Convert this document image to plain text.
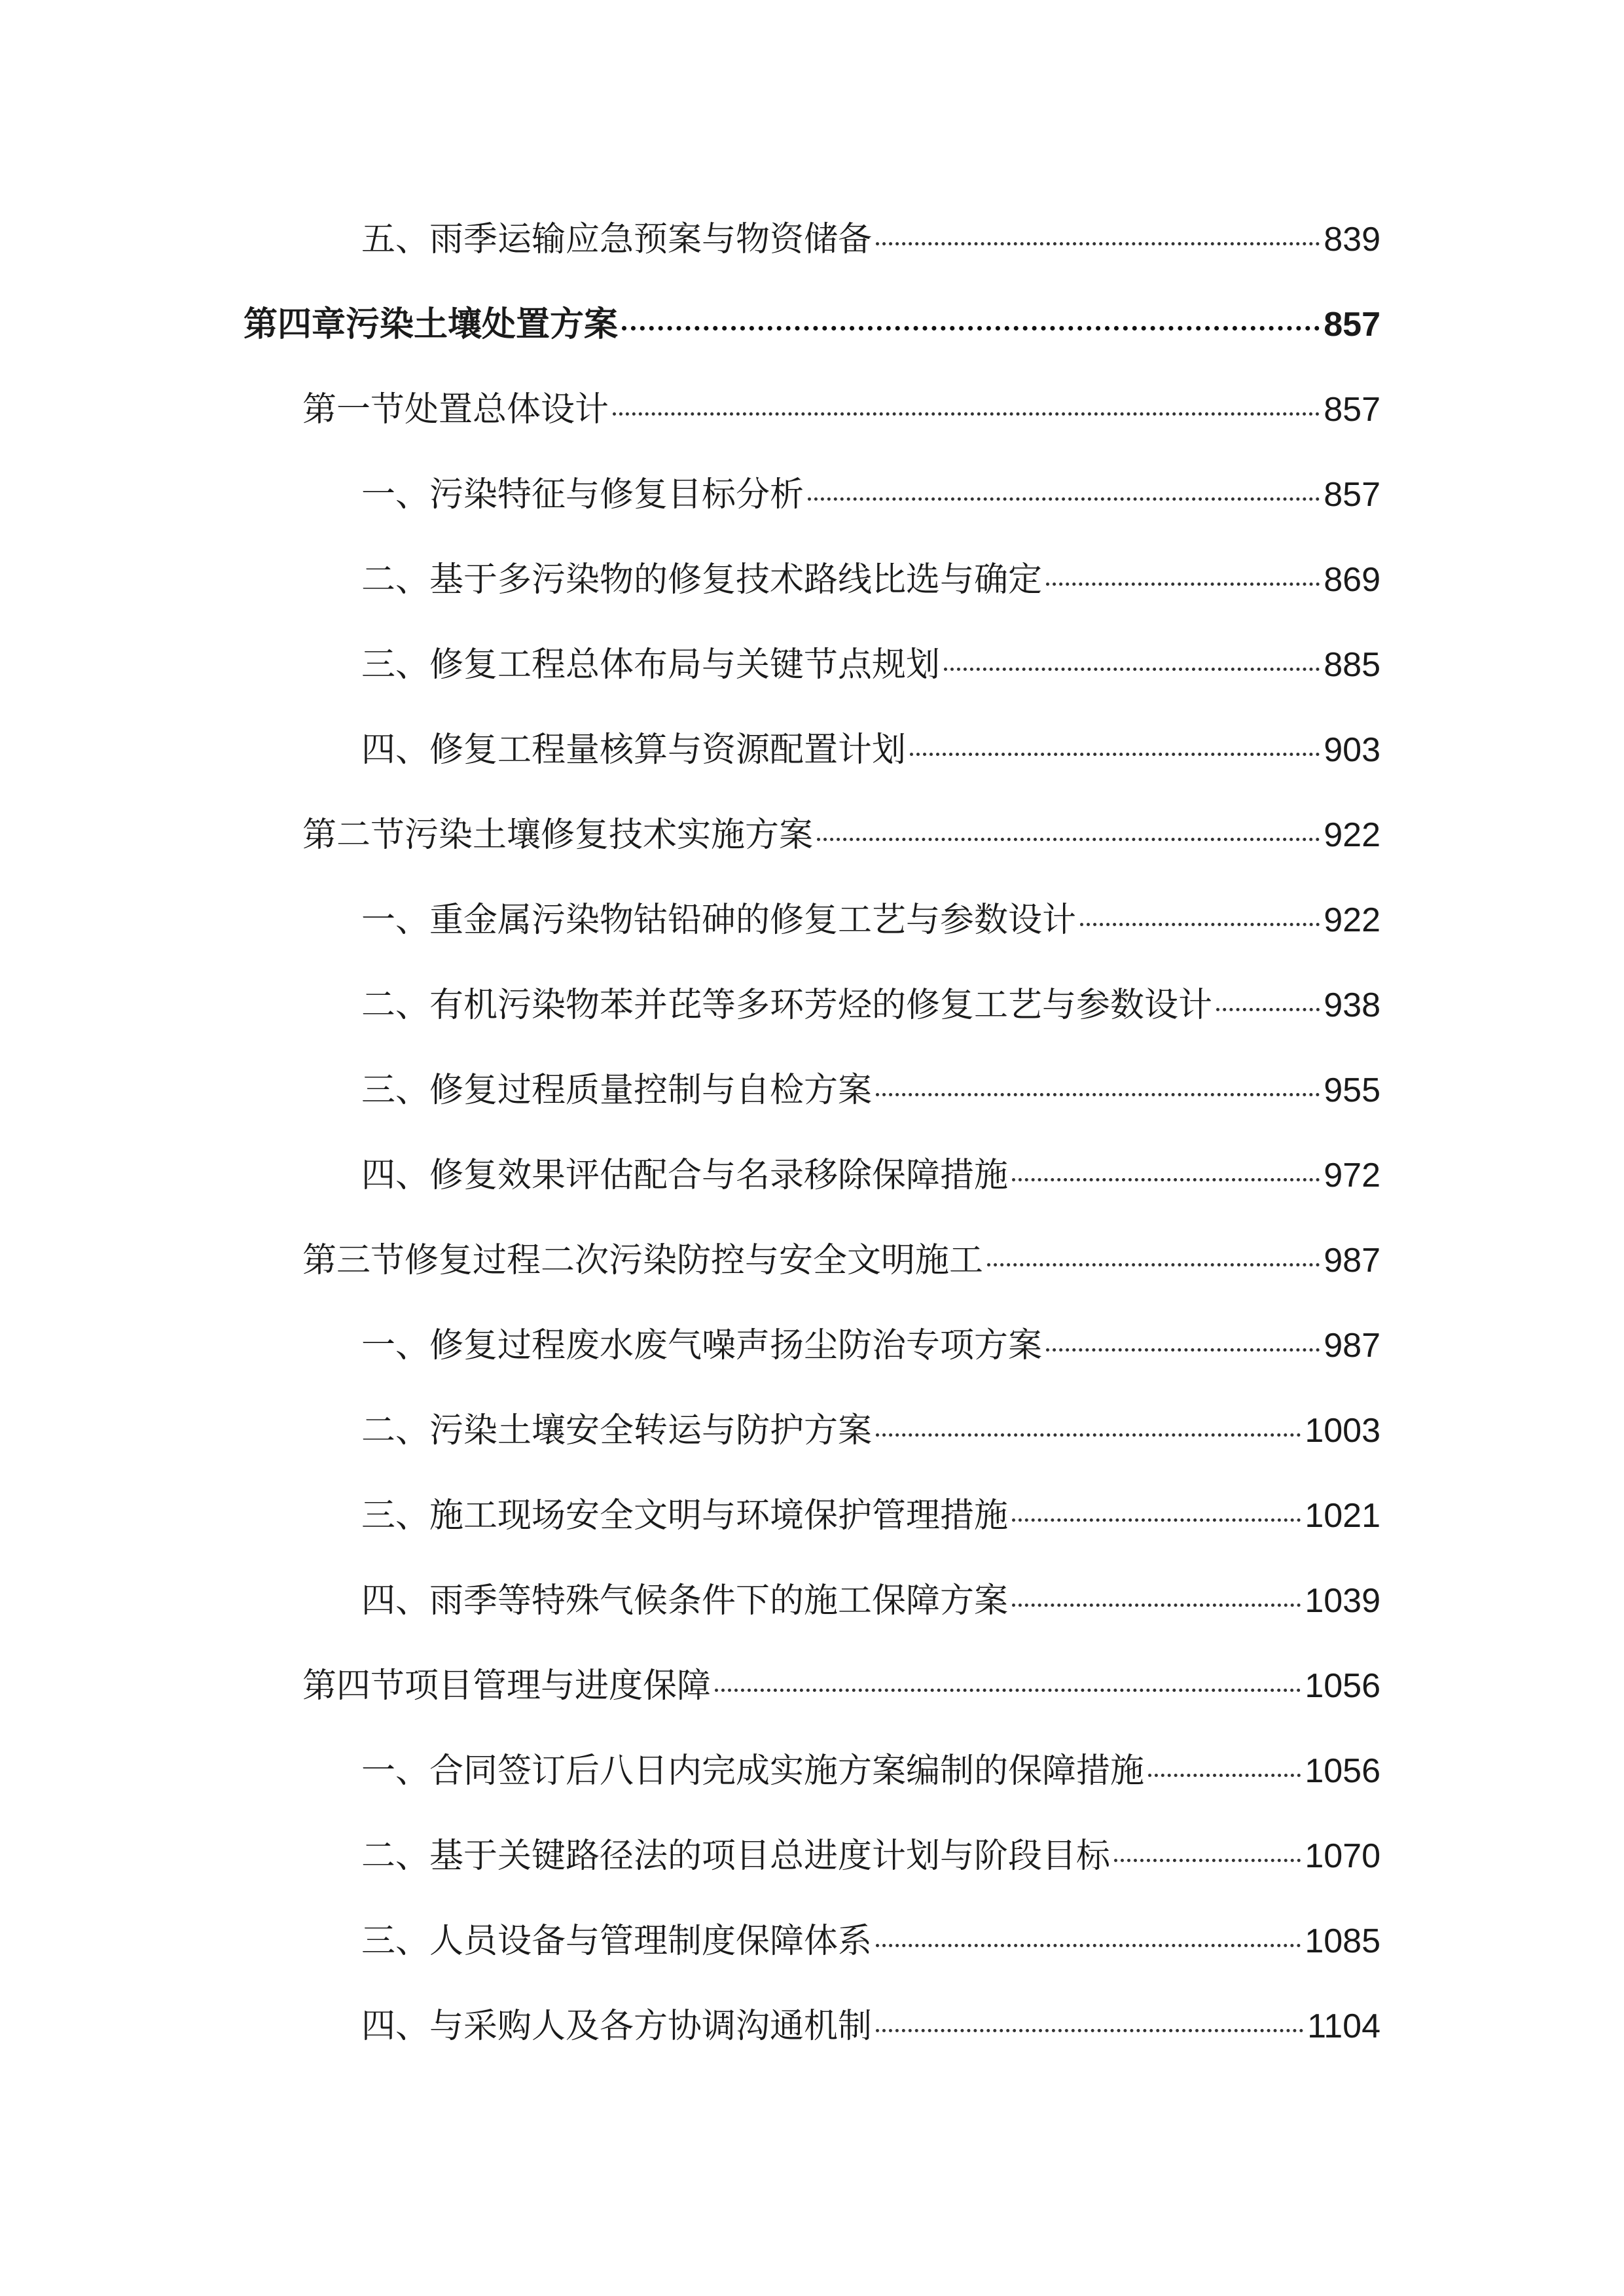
五、雨季运输应急预案与物资储备	839
第四章污染土壤处置方案	857
第一节处置总体设计	857
一、污染特征与修复目标分析	857
二、基于多污染物的修复技术路线比选与确定	869
三、修复工程总体布局与关键节点规划	885
四、修复工程量核算与资源配置计划	903
第二节污染土壤修复技术实施方案	922
一、重金属污染物钴铅砷的修复工艺与参数设计	922
二、有机污染物苯并芘等多环芳烃的修复工艺与参数设计	938
三、修复过程质量控制与自检方案	955
四、修复效果评估配合与名录移除保障措施	972
第三节修复过程二次污染防控与安全文明施工	987
一、修复过程废水废气噪声扬尘防治专项方案	987
二、污染土壤安全转运与防护方案	1003
三、施工现场安全文明与环境保护管理措施	1021
四、雨季等特殊气候条件下的施工保障方案	1039
第四节项目管理与进度保障	1056
一、合同签订后八日内完成实施方案编制的保障措施	1056
二、基于关键路径法的项目总进度计划与阶段目标	1070
三、人员设备与管理制度保障体系	1085
四、与采购人及各方协调沟通机制	1104
